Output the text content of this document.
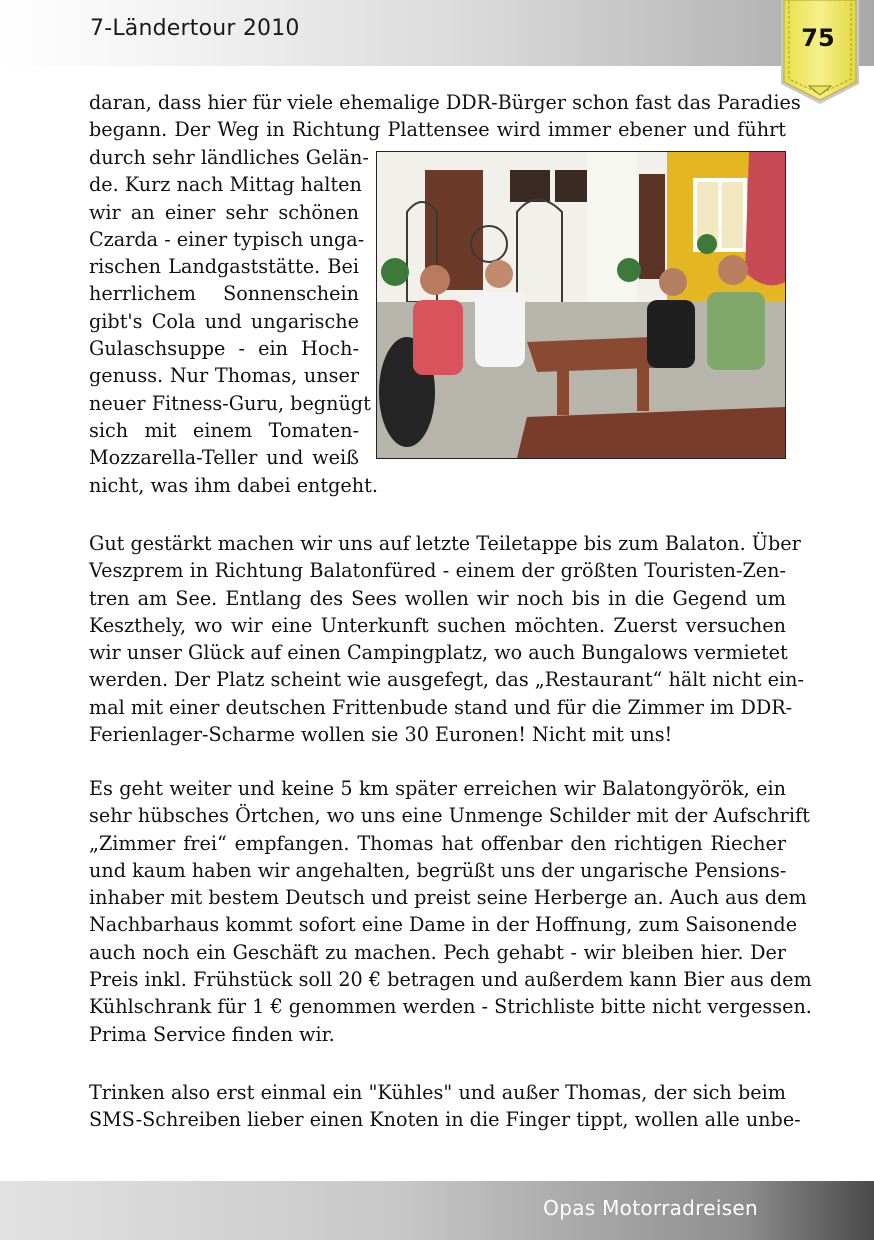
7-Ländertour 2010	75
daran, dass hier für viele ehemalige DDR-Bürger schon fast das Paradies
begann. Der Weg in Richtung Plattensee wird immer ebener und führt
durch sehr ländliches Gelän-
de. Kurz nach Mittag halten
wir an einer sehr schönen
Czarda - einer typisch unga-
rischen Landgaststätte. Bei
herrlichem Sonnenschein
gibt's Cola und ungarische
Gulaschsuppe - ein Hoch-
genuss. Nur Thomas, unser
neuer Fitness-Guru, begnügt
sich mit einem Tomaten-
Mozzarella-Teller und weiß
nicht, was ihm dabei entgeht.
Gut gestärkt machen wir uns auf letzte Teiletappe bis zum Balaton. Über
Veszprem in Richtung Balatonfüred - einem der größten Touristen-Zen-
tren am See. Entlang des Sees wollen wir noch bis in die Gegend um
Keszthely, wo wir eine Unterkunft suchen möchten. Zuerst versuchen
wir unser Glück auf einen Campingplatz, wo auch Bungalows vermietet
werden. Der Platz scheint wie ausgefegt, das „Restaurant“ hält nicht ein-
mal mit einer deutschen Frittenbude stand und für die Zimmer im DDR-
Ferienlager-Scharme wollen sie 30 Euronen! Nicht mit uns!
Es geht weiter und keine 5 km später erreichen wir Balatongyörök, ein
sehr hübsches Örtchen, wo uns eine Unmenge Schilder mit der Aufschrift
„Zimmer frei“ empfangen. Thomas hat offenbar den richtigen Riecher
und kaum haben wir angehalten, begrüßt uns der ungarische Pensions-
inhaber mit bestem Deutsch und preist seine Herberge an. Auch aus dem
Nachbarhaus kommt sofort eine Dame in der Hoffnung, zum Saisonende
auch noch ein Geschäft zu machen. Pech gehabt - wir bleiben hier. Der
Preis inkl. Frühstück soll 20 € betragen und außerdem kann Bier aus dem
Kühlschrank für 1 € genommen werden - Strichliste bitte nicht vergessen.
Prima Service finden wir.
Trinken also erst einmal ein "Kühles" und außer Thomas, der sich beim
SMS-Schreiben lieber einen Knoten in die Finger tippt, wollen alle unbe-
Opas Motorradreisen
